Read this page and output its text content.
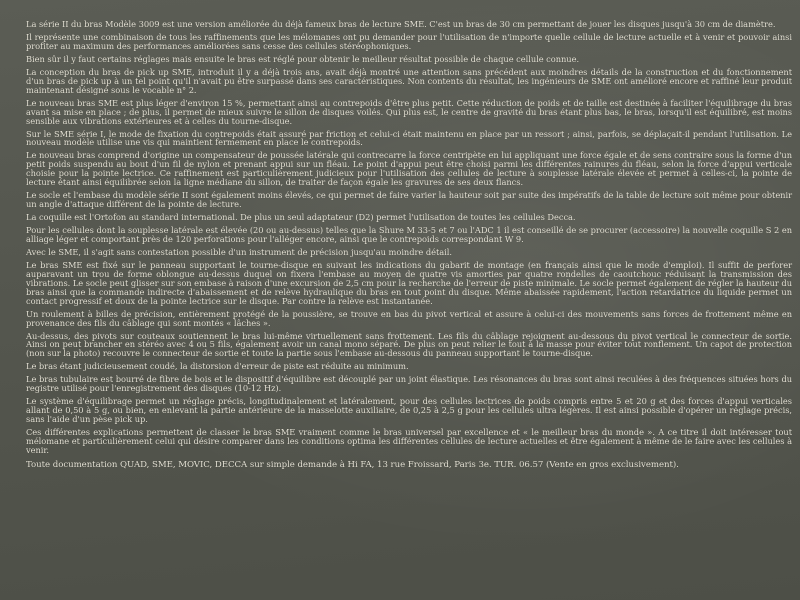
La série II du bras Modèle 3009 est une version améliorée du déjà fameux bras de lecture SME. C'est un bras de 30 cm permettant de jouer les disques jusqu'à 30 cm de diamètre.

Il représente une combinaison de tous les raffinements que les mélomanes ont pu demander pour l'utilisation de n'importe quelle cellule de lecture actuelle et à venir et pouvoir ainsi profiter au maximum des performances améliorées sans cesse des cellules stéréophoniques.

Bien sûr il y faut certains réglages mais ensuite le bras est réglé pour obtenir le meilleur résultat possible de chaque cellule connue.

La conception du bras de pick up SME, introduit il y a déjà trois ans, avait déjà montré une attention sans précédent aux moindres détails de la construction et du fonctionnement d'un bras de pick up à un tel point qu'il n'avait pu être surpassé dans ses caractéristiques. Non contents du résultat, les ingénieurs de SME ont amélioré encore et raffiné leur produit maintenant désigné sous le vocable n° 2.

Le nouveau bras SME est plus léger d'environ 15 %, permettant ainsi au contrepoids d'être plus petit. Cette réduction de poids et de taille est destinée à faciliter l'équilibrage du bras avant sa mise en place ; de plus, il permet de mieux suivre le sillon de disques voilés. Qui plus est, le centre de gravité du bras étant plus bas, le bras, lorsqu'il est équilibré, est moins sensible aux vibrations extérieures et à celles du tourne-disque.

Sur le SME série I, le mode de fixation du contrepoids était assuré par friction et celui-ci était maintenu en place par un ressort ; ainsi, parfois, se déplaçait-il pendant l'utilisation. Le nouveau modèle utilise une vis qui maintient fermement en place le contrepoids.

Le nouveau bras comprend d'origine un compensateur de poussée latérale qui contrecarre la force centripète en lui appliquant une force égale et de sens contraire sous la forme d'un petit poids suspendu au bout d'un fil de nylon et prenant appui sur un fléau. Le point d'appui peut être choisi parmi les différentes rainures du fléau, selon la force d'appui verticale choisie pour la pointe lectrice. Ce raffinement est particulièrement judicieux pour l'utilisation des cellules de lecture à souplesse latérale élevée et permet à celles-ci, la pointe de lecture étant ainsi équilibrée selon la ligne médiane du sillon, de traiter de façon égale les gravures de ses deux flancs.

Le socle et l'embase du modèle série II sont également moins élevés, ce qui permet de faire varier la hauteur soit par suite des impératifs de la table de lecture soit même pour obtenir un angle d'attaque différent de la pointe de lecture.

La coquille est l'Ortofon au standard international. De plus un seul adaptateur (D2) permet l'utilisation de toutes les cellules Decca.

Pour les cellules dont la souplesse latérale est élevée (20 ou au-dessus) telles que la Shure M 33-5 et 7 ou l'ADC 1 il est conseillé de se procurer (accessoire) la nouvelle coquille S 2 en alliage léger et comportant près de 120 perforations pour l'alléger encore, ainsi que le contrepoids correspondant W 9.

Avec le SME, il s'agit sans contestation possible d'un instrument de précision jusqu'au moindre détail.

Le bras SME est fixé sur le panneau supportant le tourne-disque en suivant les indications du gabarit de montage (en français ainsi que le mode d'emploi). Il suffit de perforer auparavant un trou de forme oblongue au-dessus duquel on fixera l'embase au moyen de quatre vis amorties par quatre rondelles de caoutchouc réduisant la transmission des vibrations. Le socle peut glisser sur son embase à raison d'une excursion de 2,5 cm pour la recherche de l'erreur de piste minimale. Le socle permet également de régler la hauteur du bras ainsi que la commande indirecte d'abaissement et de relève hydraulique du bras en tout point du disque. Même abaissée rapidement, l'action retardatrice du liquide permet un contact progressif et doux de la pointe lectrice sur le disque. Par contre la relève est instantanée.

Un roulement à billes de précision, entièrement protégé de la poussière, se trouve en bas du pivot vertical et assure à celui-ci des mouvements sans forces de frottement même en provenance des fils du câblage qui sont montés « lâches ».

Au-dessus, des pivots sur couteaux soutiennent le bras lui-même virtuellement sans frottement. Les fils du câblage rejoignent au-dessous du pivot vertical le connecteur de sortie. Ainsi on peut brancher en stéréo avec 4 ou 5 fils, également avoir un canal mono séparé. De plus on peut relier le tout à la masse pour éviter tout ronflement. Un capot de protection (non sur la photo) recouvre le connecteur de sortie et toute la partie sous l'embase au-dessous du panneau supportant le tourne-disque.

Le bras étant judicieusement coudé, la distorsion d'erreur de piste est réduite au minimum.

Le bras tubulaire est bourré de fibre de bois et le dispositif d'équilibre est découplé par un joint élastique. Les résonances du bras sont ainsi reculées à des fréquences situées hors du registre utilisé pour l'enregistrement des disques (10-12 Hz).

Le système d'équilibrage permet un réglage précis, longitudinalement et latéralement, pour des cellules lectrices de poids compris entre 5 et 20 g et des forces d'appui verticales allant de 0,50 à 5 g, ou bien, en enlevant la partie antérieure de la masselotte auxiliaire, de 0,25 à 2,5 g pour les cellules ultra légères. Il est ainsi possible d'opérer un réglage précis, sans l'aide d'un pèse pick up.

Ces différentes explications permettent de classer le bras SME vraiment comme le bras universel par excellence et « le meilleur bras du monde ». A ce titre il doit intéresser tout mélomane et particulièrement celui qui désire comparer dans les conditions optima les différentes cellules de lecture actuelles et être également à même de le faire avec les cellules à venir.

Toute documentation QUAD, SME, MOVIC, DECCA sur simple demande à Hi FA, 13 rue Froissard, Paris 3e. TUR. 06.57 (Vente en gros exclusivement).
